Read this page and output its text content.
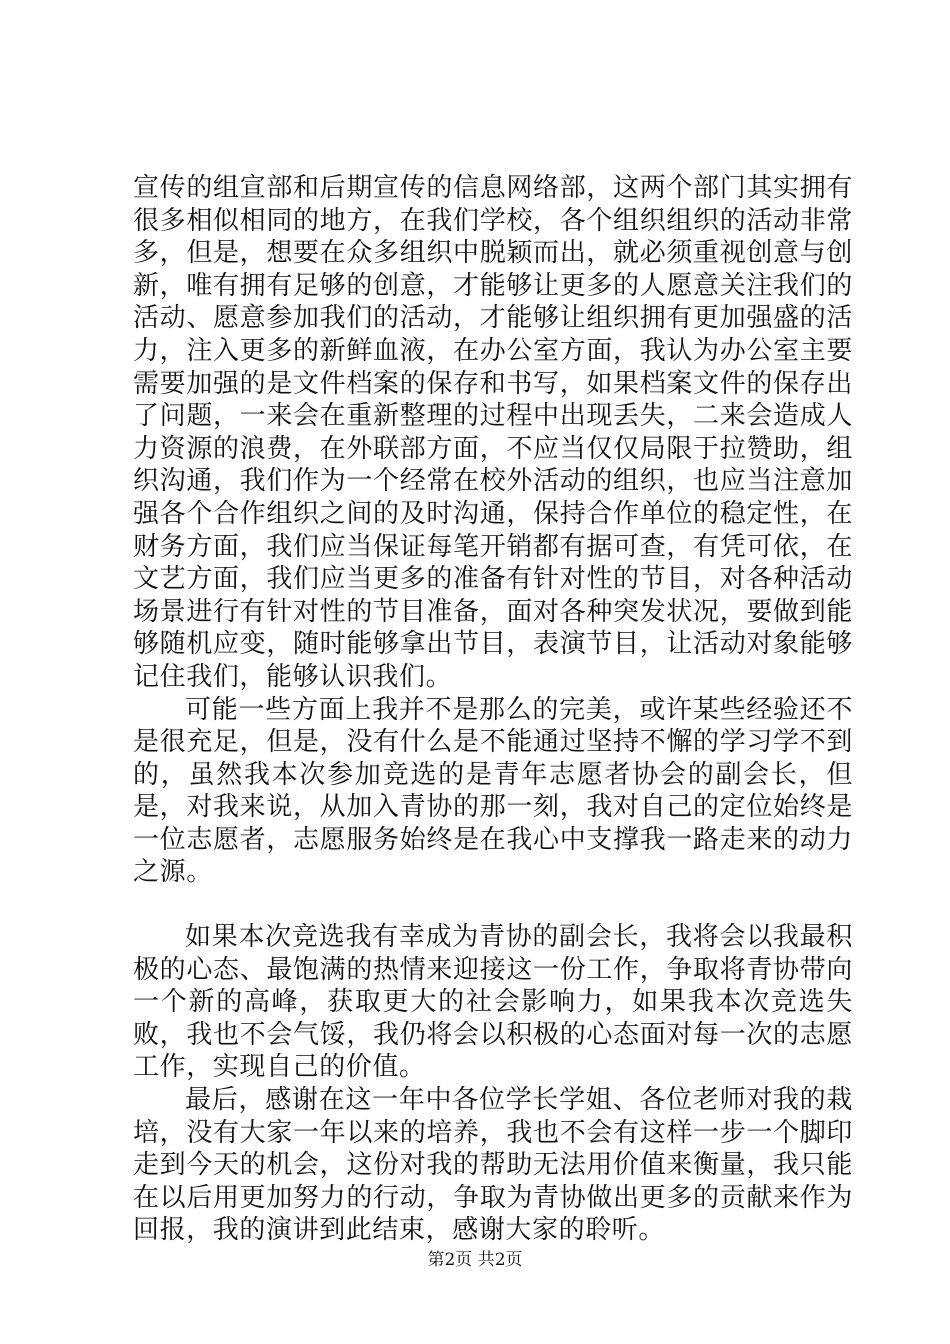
宣传的组宣部和后期宣传的信息网络部，这两个部门其实拥有很多相似相同的地方，在我们学校，各个组织组织的活动非常多，但是，想要在众多组织中脱颖而出，就必须重视创意与创新，唯有拥有足够的创意，才能够让更多的人愿意关注我们的活动、愿意参加我们的活动，才能够让组织拥有更加强盛的活力，注入更多的新鲜血液，在办公室方面，我认为办公室主要需要加强的是文件档案的保存和书写，如果档案文件的保存出了问题，一来会在重新整理的过程中出现丢失，二来会造成人力资源的浪费，在外联部方面，不应当仅仅局限于拉赞助，组织沟通，我们作为一个经常在校外活动的组织，也应当注意加强各个合作组织之间的及时沟通，保持合作单位的稳定性，在财务方面，我们应当保证每笔开销都有据可查，有凭可依，在文艺方面，我们应当更多的准备有针对性的节目，对各种活动场景进行有针对性的节目准备，面对各种突发状况，要做到能够随机应变，随时能够拿出节目，表演节目，让活动对象能够记住我们，能够认识我们。

可能一些方面上我并不是那么的完美，或许某些经验还不是很充足，但是，没有什么是不能通过坚持不懈的学习学不到的，虽然我本次参加竞选的是青年志愿者协会的副会长，但是，对我来说，从加入青协的那一刻，我对自己的定位始终是一位志愿者，志愿服务始终是在我心中支撑我一路走来的动力之源。

如果本次竞选我有幸成为青协的副会长，我将会以我最积极的心态、最饱满的热情来迎接这一份工作，争取将青协带向一个新的高峰，获取更大的社会影响力，如果我本次竞选失败，我也不会气馁，我仍将会以积极的心态面对每一次的志愿工作，实现自己的价值。

最后，感谢在这一年中各位学长学姐、各位老师对我的栽培，没有大家一年以来的培养，我也不会有这样一步一个脚印走到今天的机会，这份对我的帮助无法用价值来衡量，我只能在以后用更加努力的行动，争取为青协做出更多的贡献来作为回报，我的演讲到此结束，感谢大家的聆听。

第2页 共2页
